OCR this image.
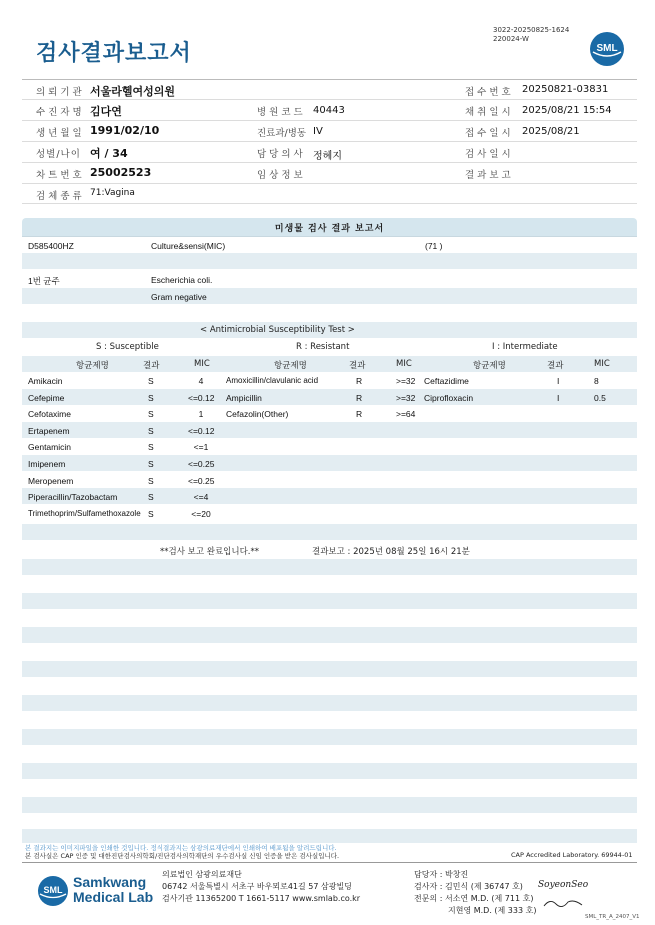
3022-20250825-1624
220024-W
검사결과보고서	SML
의뢰기관 서울라헬여성의원	접수번호 20250821-03831
수진자명 김다연	병원코드 40443	채취일시 2025/08/21 15:54
생년월일 1991/02/10	진료과/병동 IV	접수일시 2025/08/21
성별/나이 여 / 34	담당의사 정혜지	검사일시
차트번호 25002523	임상정보	결과보고
검체종류 71:Vagina
미생물 검사 결과 보고서
D585400HZ	Culture&sensi(MIC)	(71 )
1번 균주	Escherichia coli.
Gram negative
< Antimicrobial Susceptibility Test >
S : Susceptible	R : Resistant	I : Intermediate
항균제명	결과	MIC	항균제명	결과	MIC	항균제명	결과	MIC
Amikacin	S	4	Amoxicillin/clavulanic acid	R	>=32 Ceftazidime	I	8
Cefepime	S	<=0.12 Ampicillin	R	>=32 Ciprofloxacin	I	0.5
Cefotaxime	S	1	Cefazolin(Other)	R	>=64
Ertapenem	S	<=0.12
Gentamicin	S	<=1
Imipenem	S	<=0.25
Meropenem	S	<=0.25
Piperacillin/Tazobactam	S	<=4
Trimethoprim/Sulfamethoxazole S	<=20
**검사 보고 완료입니다.**	결과보고 : 2025년 08월 25일 16시 21분
본 결과지는 이미지파일을 인쇄한 것입니다. 정식결과지는 삼광의료재단에서 인쇄하여 배포됨을 알려드립니다.
본 검사실은 CAP 인증 및 대한진단검사의학회/진단검사의학재단의 우수검사실 신임 인증을 받은 검사실입니다.	CAP Accredited Laboratory. 69944-01
SML Samkwang
Medical Lab
의료법인 삼광의료재단
06742 서울특별시 서초구 바우뫼로41길 57 삼광빌딩
검사기관 11365200 T 1661-5117 www.smlab.co.kr
담당자 : 박창진
검사자 : 김민식 (제 36747 호)
전문의 : 서소연 M.D. (제 711 호)
지현영 M.D. (제 333 호)
SoyeonSeo
SML_TR_A_2407_V1
